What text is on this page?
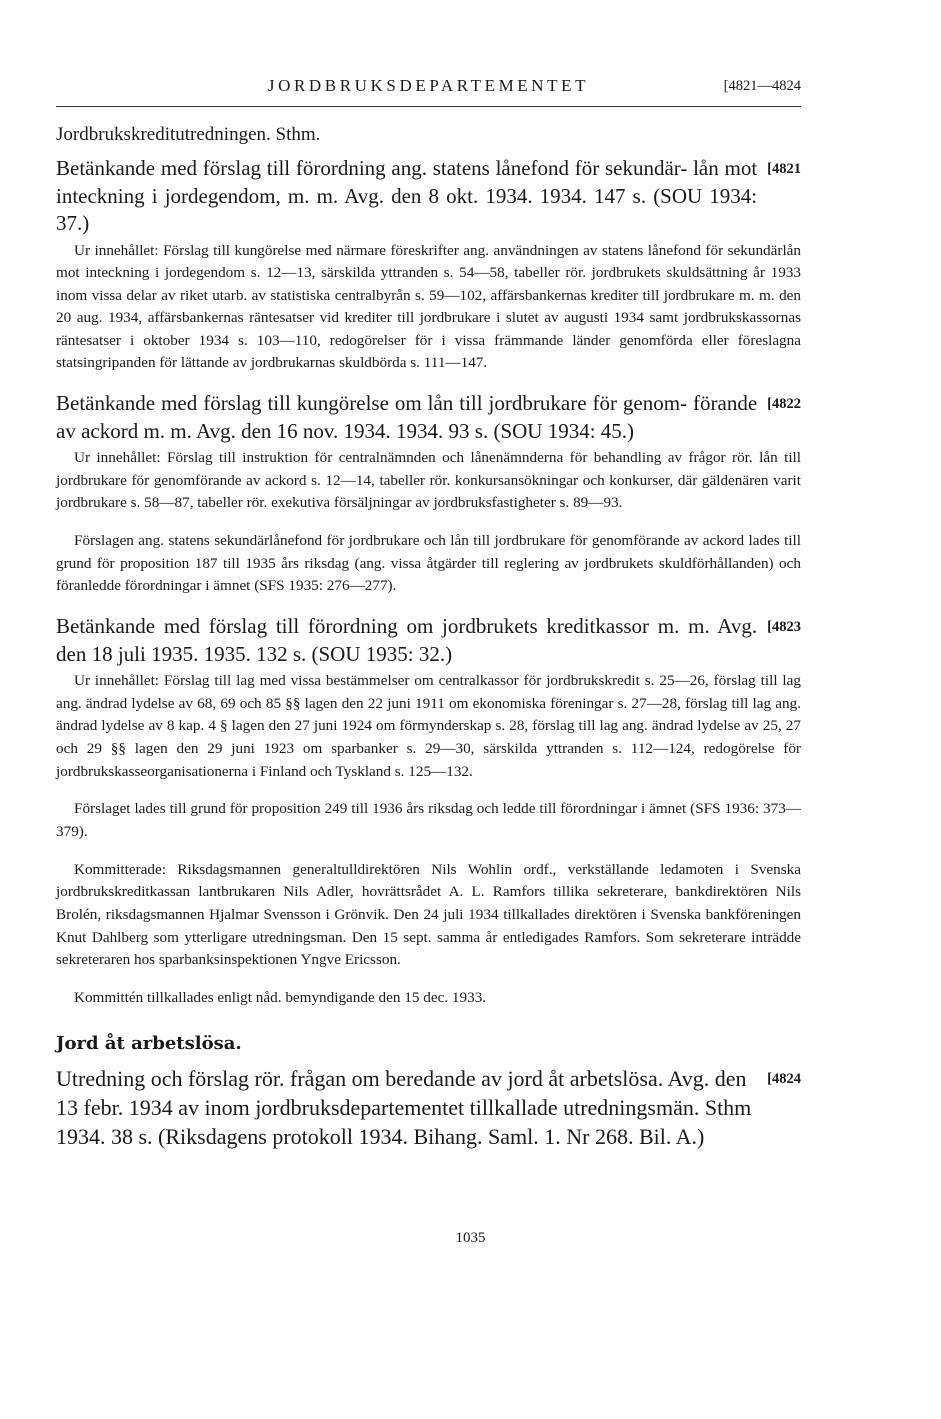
JORDBRUKSDEPARTEMENTET	[4821—4824
Jordbrukskreditutredningen. Sthm.
[4821
Betänkande med förslag till förordning ang. statens lånefond för sekundär- lån mot inteckning i jordegendom, m. m. Avg. den 8 okt. 1934. 1934. 147 s. (SOU 1934: 37.)

Ur innehållet: Förslag till kungörelse med närmare föreskrifter ang. användningen av statens lånefond för sekundärlån mot inteckning i jordegendom s. 12—13, särskilda yttranden s. 54—58, tabeller rör. jordbrukets skuldsättning år 1933 inom vissa delar av riket utarb. av statistiska centralbyrån s. 59—102, affärsbankernas krediter till jordbrukare m. m. den 20 aug. 1934, affärsbankernas räntesatser vid krediter till jordbrukare i slutet av augusti 1934 samt jordbrukskassornas räntesatser i oktober 1934 s. 103—110, redogörelser för i vissa främmande länder genomförda eller föreslagna statsingripanden för lättande av jordbrukarnas skuldbörda s. 111—147.

[4822
Betänkande med förslag till kungörelse om lån till jordbrukare för genom- förande av ackord m. m. Avg. den 16 nov. 1934. 1934. 93 s. (SOU 1934: 45.)

Ur innehållet: Förslag till instruktion för centralnämnden och lånenämnderna för behandling av frågor rör. lån till jordbrukare för genomförande av ackord s. 12—14, tabeller rör. konkursansökningar och konkurser, där gäldenären varit jordbrukare s. 58—87, tabeller rör. exekutiva försäljningar av jordbruksfastigheter s. 89—93.

Förslagen ang. statens sekundärlånefond för jordbrukare och lån till jordbrukare för genomförande av ackord lades till grund för proposition 187 till 1935 års riksdag (ang. vissa åtgärder till reglering av jordbrukets skuldförhållanden) och föranledde förordningar i ämnet (SFS 1935: 276—277).

[4823
Betänkande med förslag till förordning om jordbrukets kreditkassor m. m. Avg. den 18 juli 1935. 1935. 132 s. (SOU 1935: 32.)

Ur innehållet: Förslag till lag med vissa bestämmelser om centralkassor för jordbrukskredit s. 25—26, förslag till lag ang. ändrad lydelse av 68, 69 och 85 §§ lagen den 22 juni 1911 om ekonomiska föreningar s. 27—28, förslag till lag ang. ändrad lydelse av 8 kap. 4 § lagen den 27 juni 1924 om förmynderskap s. 28, förslag till lag ang. ändrad lydelse av 25, 27 och 29 §§ lagen den 29 juni 1923 om sparbanker s. 29—30, särskilda yttranden s. 112—124, redogörelse för jordbrukskasseorganisationerna i Finland och Tyskland s. 125—132.

Förslaget lades till grund för proposition 249 till 1936 års riksdag och ledde till förordningar i ämnet (SFS 1936: 373—379).

Kommitterade: Riksdagsmannen generaltulldirektören Nils Wohlin ordf., verkställande ledamoten i Svenska jordbrukskreditkassan lantbrukaren Nils Adler, hovrättsrådet A. L. Ramfors tillika sekreterare, bankdirektören Nils Brolén, riksdagsmannen Hjalmar Svensson i Grönvik. Den 24 juli 1934 tillkallades direktören i Svenska bankföreningen Knut Dahlberg som ytterligare utredningsman. Den 15 sept. samma år entledigades Ramfors. Som sekreterare inträdde sekreteraren hos sparbanksinspektionen Yngve Ericsson.

Kommittén tillkallades enligt nåd. bemyndigande den 15 dec. 1933.

Jord åt arbetslösa.
[4824
Utredning och förslag rör. frågan om beredande av jord åt arbetslösa. Avg. den 13 febr. 1934 av inom jordbruksdepartementet tillkallade utredningsmän. Sthm 1934. 38 s. (Riksdagens protokoll 1934. Bihang. Saml. 1. Nr 268. Bil. A.)
1035
